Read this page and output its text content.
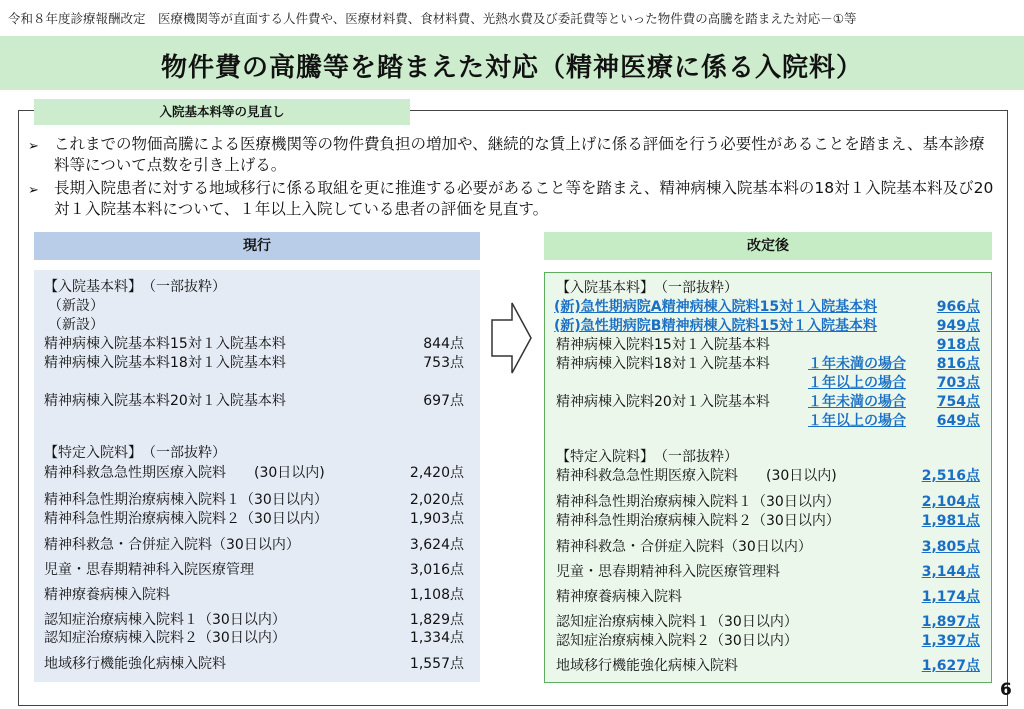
令和８年度診療報酬改定　医療機関等が直面する人件費や、医療材料費、食材料費、光熱水費及び委託費等といった物件費の高騰を踏まえた対応－①等
物件費の高騰等を踏まえた対応（精神医療に係る入院料）
入院基本料等の見直し
➢ これまでの物価高騰による医療機関等の物件費負担の増加や、継続的な賃上げに係る評価を行う必要性があることを踏まえ、基本診療料等について点数を引き上げる。
➢ 長期入院患者に対する地域移行に係る取組を更に推進する必要があること等を踏まえ、精神病棟入院基本料の18対１入院基本料及び20対１入院基本料について、１年以上入院している患者の評価を見直す。
現行	改定後
【入院基本料】　（一部抜粋）
（新設）
（新設）
精神病棟入院基本料15対１入院基本料	844点
精神病棟入院基本料18対１入院基本料	753点
精神病棟入院基本料20対１入院基本料	697点
【特定入院料】　（一部抜粋）
精神科救急急性期医療入院料　　(30日以内)	2,420点
精神科急性期治療病棟入院料１（30日以内）	2,020点
精神科急性期治療病棟入院料２（30日以内）	1,903点
精神科救急・合併症入院料（30日以内）	3,624点
児童・思春期精神科入院医療管理	3,016点
精神療養病棟入院料	1,108点
認知症治療病棟入院料１（30日以内）	1,829点
認知症治療病棟入院料２（30日以内）	1,334点
地域移行機能強化病棟入院料	1,557点
【入院基本料】　（一部抜粋）
(新)急性期病院A精神病棟入院料15対１入院基本料	966点
(新)急性期病院B精神病棟入院料15対１入院基本料	949点
精神病棟入院料15対１入院基本料	918点
精神病棟入院料18対１入院基本料	１年未満の場合	816点
１年以上の場合	703点
精神病棟入院料20対１入院基本料	１年未満の場合	754点
１年以上の場合	649点
【特定入院料】　（一部抜粋）
精神科救急急性期医療入院料　　(30日以内)	2,516点
精神科急性期治療病棟入院料１（30日以内）	2,104点
精神科急性期治療病棟入院料２（30日以内）	1,981点
精神科救急・合併症入院料（30日以内）	3,805点
児童・思春期精神科入院医療管理料	3,144点
精神療養病棟入院料	1,174点
認知症治療病棟入院料１（30日以内）	1,897点
認知症治療病棟入院料２（30日以内）	1,397点
地域移行機能強化病棟入院料	1,627点
6
